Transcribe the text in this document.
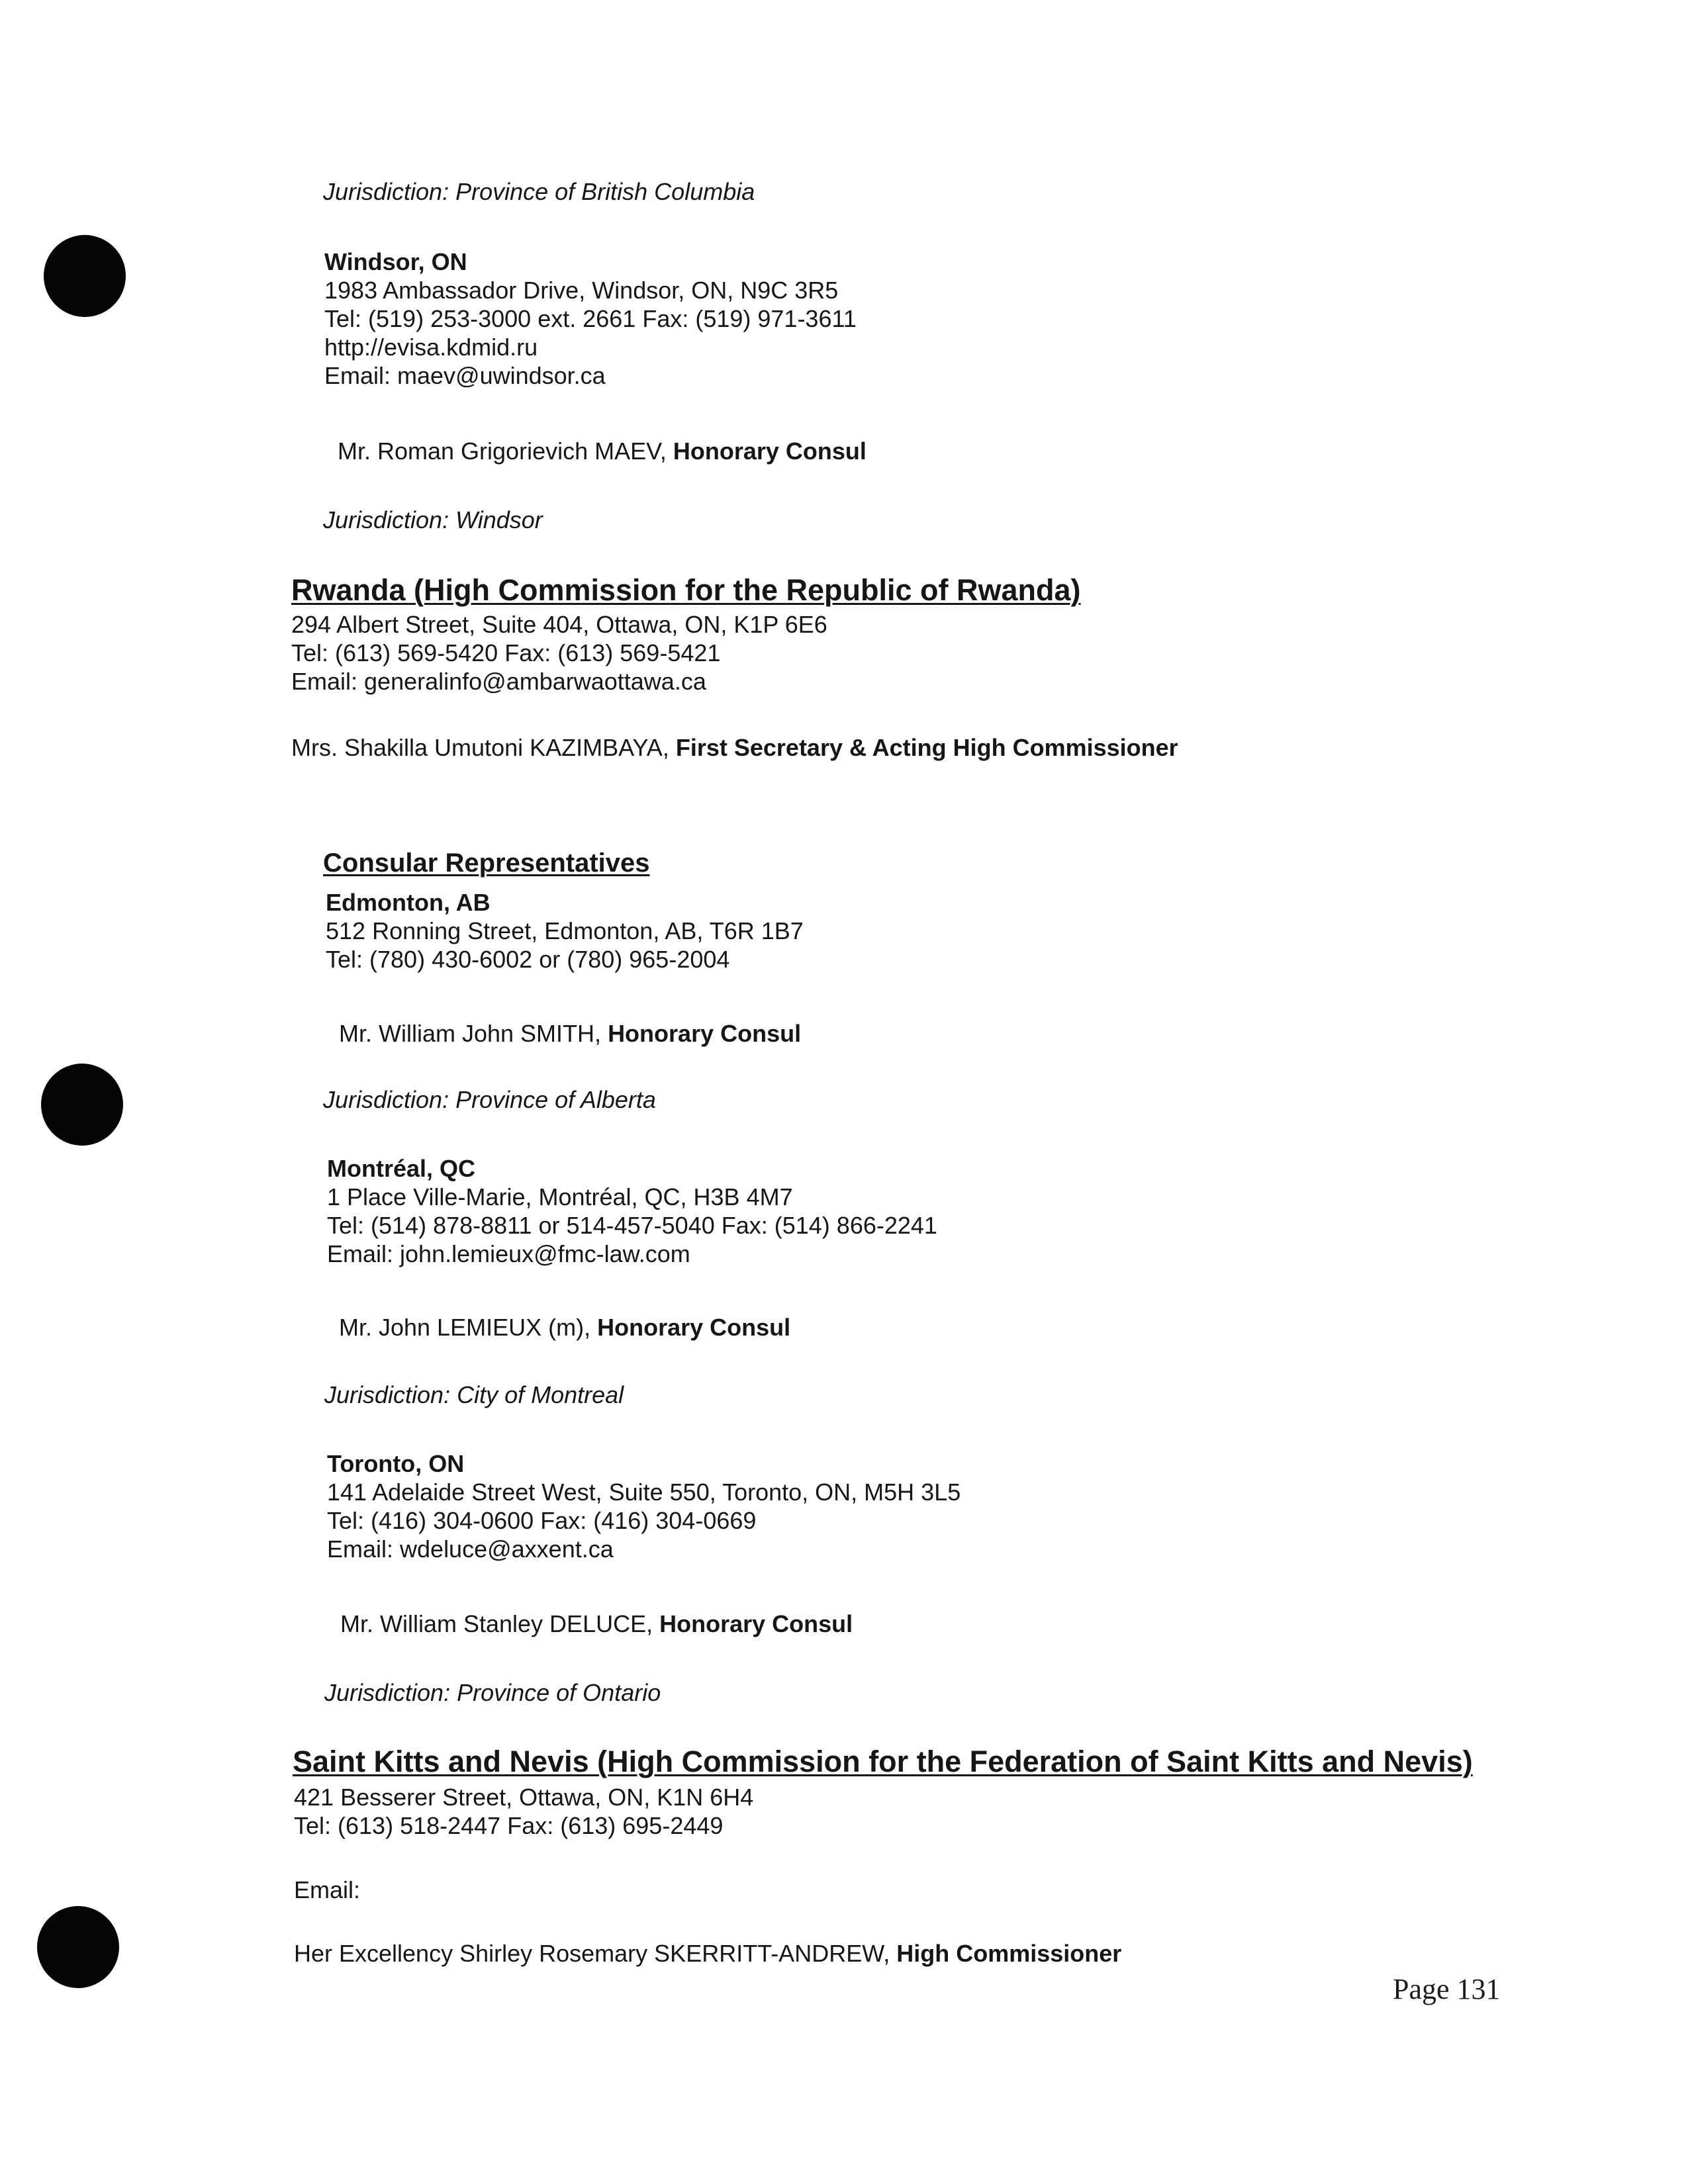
Jurisdiction: Province of British Columbia

Windsor, ON

1983 Ambassador Drive, Windsor, ON, N9C 3R5

Tel: (519) 253-3000 ext. 2661 Fax: (519) 971-3611

http://evisa.kdmid.ru

Email: maev@uwindsor.ca

Mr. Roman Grigorievich MAEV, Honorary Consul

Jurisdiction: Windsor

Rwanda (High Commission for the Republic of Rwanda)

294 Albert Street, Suite 404, Ottawa, ON, K1P 6E6

Tel: (613) 569-5420 Fax: (613) 569-5421

Email: generalinfo@ambarwaottawa.ca

Mrs. Shakilla Umutoni KAZIMBAYA, First Secretary & Acting High Commissioner

Consular Representatives

Edmonton, AB

512 Ronning Street, Edmonton, AB, T6R 1B7

Tel: (780) 430-6002 or (780) 965-2004

Mr. William John SMITH, Honorary Consul

Jurisdiction: Province of Alberta

Montréal, QC

1 Place Ville-Marie, Montréal, QC, H3B 4M7

Tel: (514) 878-8811 or 514-457-5040 Fax: (514) 866-2241

Email: john.lemieux@fmc-law.com

Mr. John LEMIEUX (m), Honorary Consul

Jurisdiction: City of Montreal

Toronto, ON

141 Adelaide Street West, Suite 550, Toronto, ON, M5H 3L5

Tel: (416) 304-0600 Fax: (416) 304-0669

Email: wdeluce@axxent.ca

Mr. William Stanley DELUCE, Honorary Consul

Jurisdiction: Province of Ontario

Saint Kitts and Nevis (High Commission for the Federation of Saint Kitts and Nevis)

421 Besserer Street, Ottawa, ON, K1N 6H4

Tel: (613) 518-2447 Fax: (613) 695-2449

Email:

Her Excellency Shirley Rosemary SKERRITT-ANDREW, High Commissioner

Page 131
